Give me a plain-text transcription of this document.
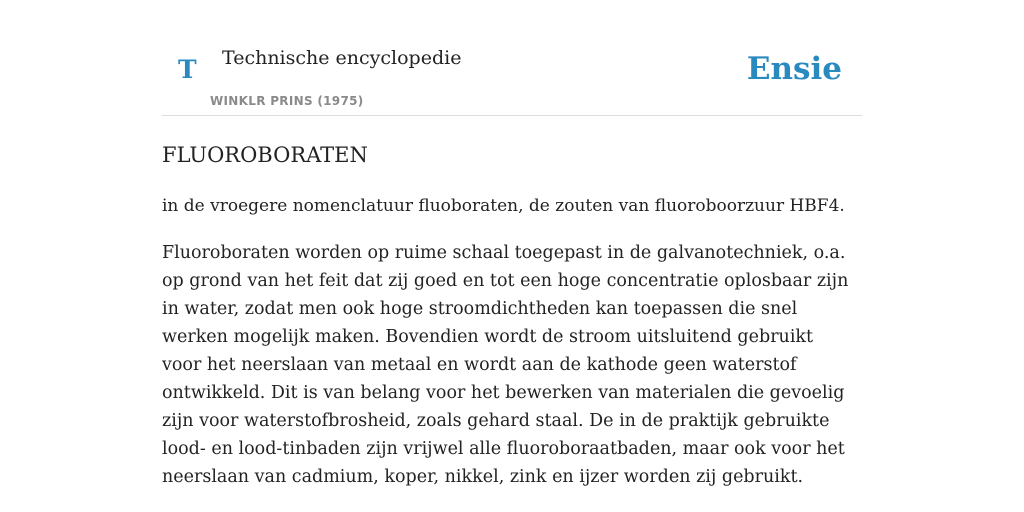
T Technische encyclopedie
WINKLR PRINS (1975)
Ensie
FLUOROBORATEN

in de vroegere nomenclatuur fluoboraten, de zouten van fluoroboorzuur HBF4.

Fluoroboraten worden op ruime schaal toegepast in de galvanotechniek, o.a. op grond van het feit dat zij goed en tot een hoge concentratie oplosbaar zijn in water, zodat men ook hoge stroomdichtheden kan toepassen die snel werken mogelijk maken. Bovendien wordt de stroom uitsluitend gebruikt voor het neerslaan van metaal en wordt aan de kathode geen waterstof ontwikkeld. Dit is van belang voor het bewerken van materialen die gevoelig zijn voor waterstofbrosheid, zoals gehard staal. De in de praktijk gebruikte lood- en lood-tinbaden zijn vrijwel alle fluoroboraatbaden, maar ook voor het neerslaan van cadmium, koper, nikkel, zink en ijzer worden zij gebruikt.
